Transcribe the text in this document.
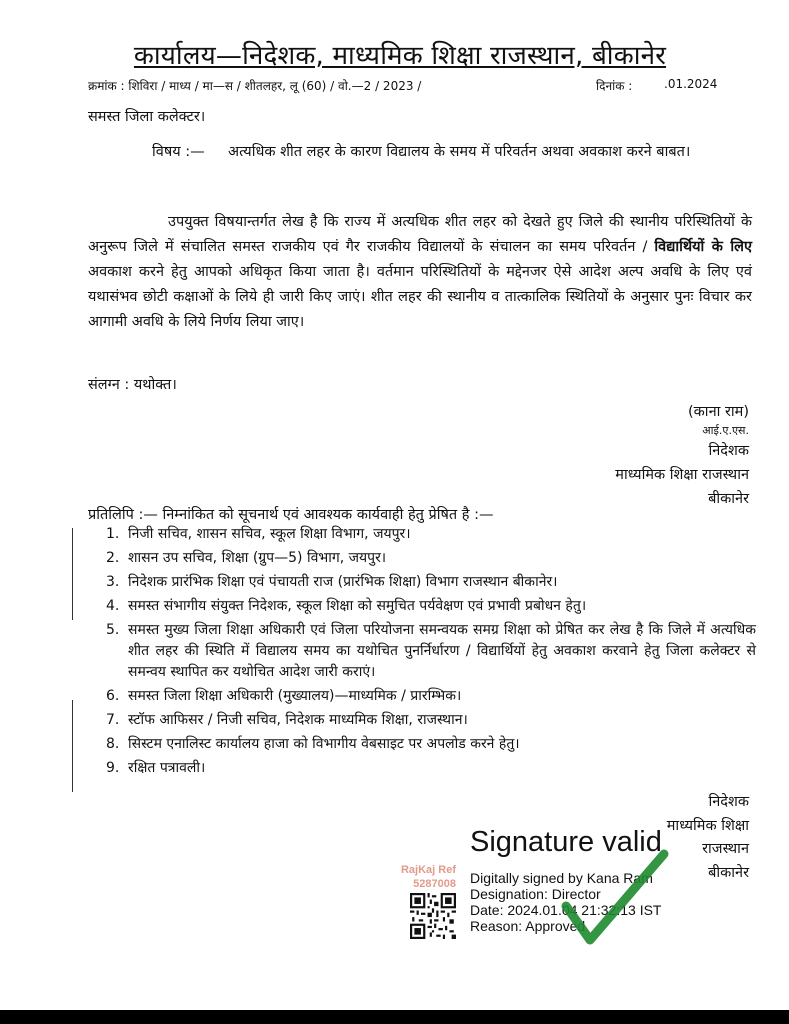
कार्यालय—निदेशक, माध्यमिक शिक्षा राजस्थान, बीकानेर
क्रमांक : शिविरा / माध्य / मा—स / शीतलहर, लू (60) / वो.—2 / 2023 /	दिनांक :	.01.2024
समस्त जिला कलेक्टर।
विषय :— अत्यधिक शीत लहर के कारण विद्यालय के समय में परिवर्तन अथवा अवकाश करने बाबत।
उपयुक्त विषयान्तर्गत लेख है कि राज्य में अत्यधिक शीत लहर को देखते हुए जिले की स्थानीय परिस्थितियों के अनुरूप जिले में संचालित समस्त राजकीय एवं गैर राजकीय विद्यालयों के संचालन का समय परिवर्तन / विद्यार्थियों के लिए अवकाश करने हेतु आपको अधिकृत किया जाता है। वर्तमान परिस्थितियों के मद्देनजर ऐसे आदेश अल्प अवधि के लिए एवं यथासंभव छोटी कक्षाओं के लिये ही जारी किए जाएं। शीत लहर की स्थानीय व तात्कालिक स्थितियों के अनुसार पुनः विचार कर आगामी अवधि के लिये निर्णय लिया जाए।
संलग्न : यथोक्त।
(काना राम)
आई.ए.एस.
निदेशक
माध्यमिक शिक्षा राजस्थान
बीकानेर
प्रतिलिपि :— निम्नांकित को सूचनार्थ एवं आवश्यक कार्यवाही हेतु प्रेषित है :—
1. निजी सचिव, शासन सचिव, स्कूल शिक्षा विभाग, जयपुर।
2. शासन उप सचिव, शिक्षा (ग्रुप—5) विभाग, जयपुर।
3. निदेशक प्रारंभिक शिक्षा एवं पंचायती राज (प्रारंभिक शिक्षा) विभाग राजस्थान बीकानेर।
4. समस्त संभागीय संयुक्त निदेशक, स्कूल शिक्षा को समुचित पर्यवेक्षण एवं प्रभावी प्रबोधन हेतु।
5. समस्त मुख्य जिला शिक्षा अधिकारी एवं जिला परियोजना समन्वयक समग्र शिक्षा को प्रेषित कर लेख है कि जिले में अत्यधिक शीत लहर की स्थिति में विद्यालय समय का यथोचित पुनर्निर्धारण / विद्यार्थियों हेतु अवकाश करवाने हेतु जिला कलेक्टर से समन्वय स्थापित कर यथोचित आदेश जारी कराएं।
6. समस्त जिला शिक्षा अधिकारी (मुख्यालय)—माध्यमिक / प्रारम्भिक।
7. स्टॉफ आफिसर / निजी सचिव, निदेशक माध्यमिक शिक्षा, राजस्थान।
8. सिस्टम एनालिस्ट कार्यालय हाजा को विभागीय वेबसाइट पर अपलोड करने हेतु।
9. रक्षित पत्रावली।
निदेशक
माध्यमिक शिक्षा
राजस्थान
बीकानेर
RajKaj Ref
5287008
Signature valid
Digitally signed by Kana Ram
Designation: Director
Date: 2024.01.04 21:32:13 IST
Reason: Approved
